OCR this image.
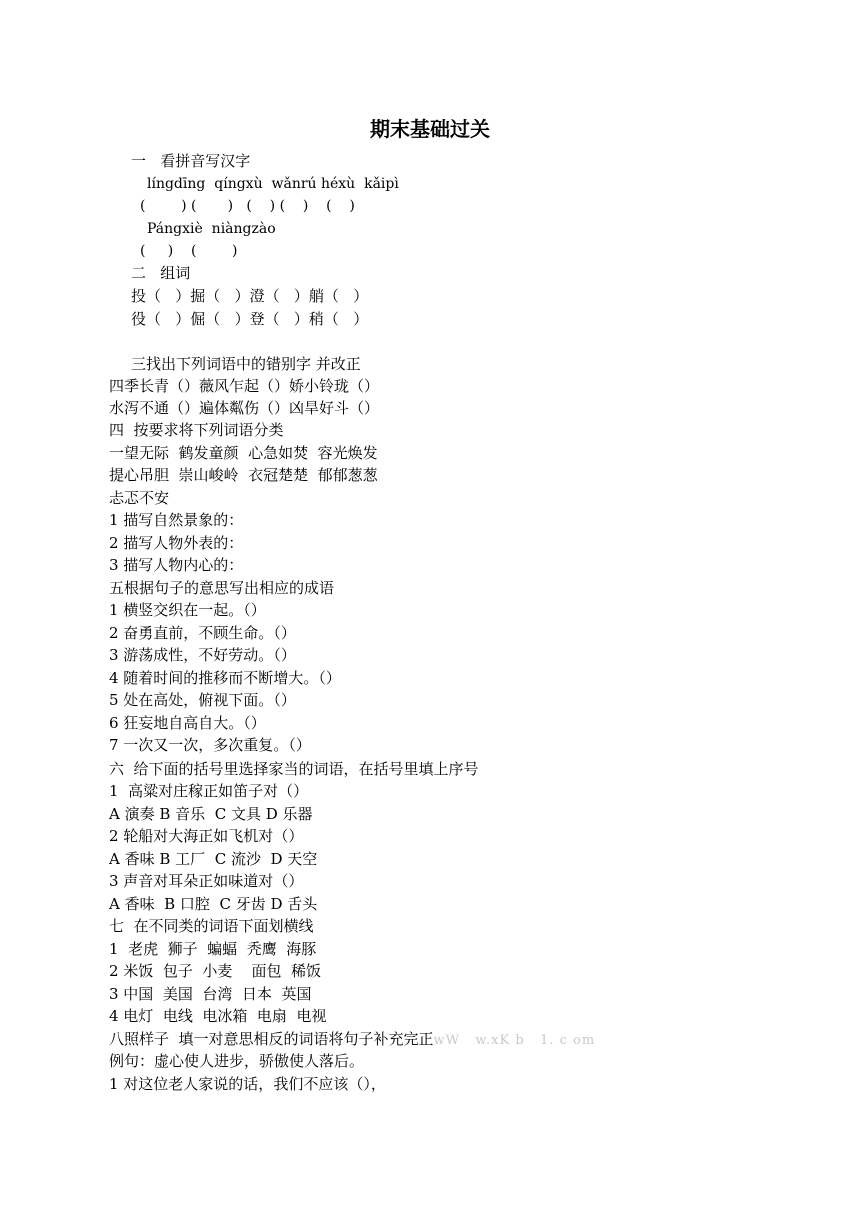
期末基础过关
一   看拼音写汉字
língdīng  qíngxù  wǎnrú héxù  kǎipì
(        ) (       )   (    ) (    )    (    )
Pángxiè  niàngzào
(     )    (        )
二   组词
投（   ）掘（   ）澄（   ）艄（   ）
役（   ）倔（   ）登（   ）稍（   ）
三找出下列词语中的错别字 并改正
四季长青（）薇风乍起（）娇小铃珑（）
水泻不通（）遍体粼伤（）凶旱好斗（）
四  按要求将下列词语分类
一望无际  鹤发童颜  心急如焚  容光焕发
提心吊胆  崇山峻岭  衣冠楚楚  郁郁葱葱
忐忑不安
1 描写自然景象的：
2 描写人物外表的：
3 描写人物内心的：
五根据句子的意思写出相应的成语
1 横竖交织在一起。（）
2 奋勇直前，不顾生命。（）
3 游荡成性，不好劳动。（）
4 随着时间的推移而不断增大。（）
5 处在高处，俯视下面。（）
6 狂妄地自高自大。（）
7 一次又一次，多次重复。（）
六  给下面的括号里选择家当的词语，在括号里填上序号
1  高粱对庄稼正如笛子对（）
A 演奏 B 音乐  C 文具 D 乐器
2 轮船对大海正如飞机对（）
A 香味 B 工厂  C 流沙  D 天空
3 声音对耳朵正如味道对（）
A 香味  B 口腔  C 牙齿 D 舌头
七  在不同类的词语下面划横线
1  老虎  狮子  蝙蝠  秃鹰  海豚
2 米饭  包子  小麦    面包  稀饭
3 中国  美国  台湾  日本  英国
4 电灯  电线  电冰箱  电扇  电视
八照样子  填一对意思相反的词语将句子补充完正wW   w.xK b   1. c om
例句：虚心使人进步，骄傲使人落后。
1 对这位老人家说的话，我们不应该（），
